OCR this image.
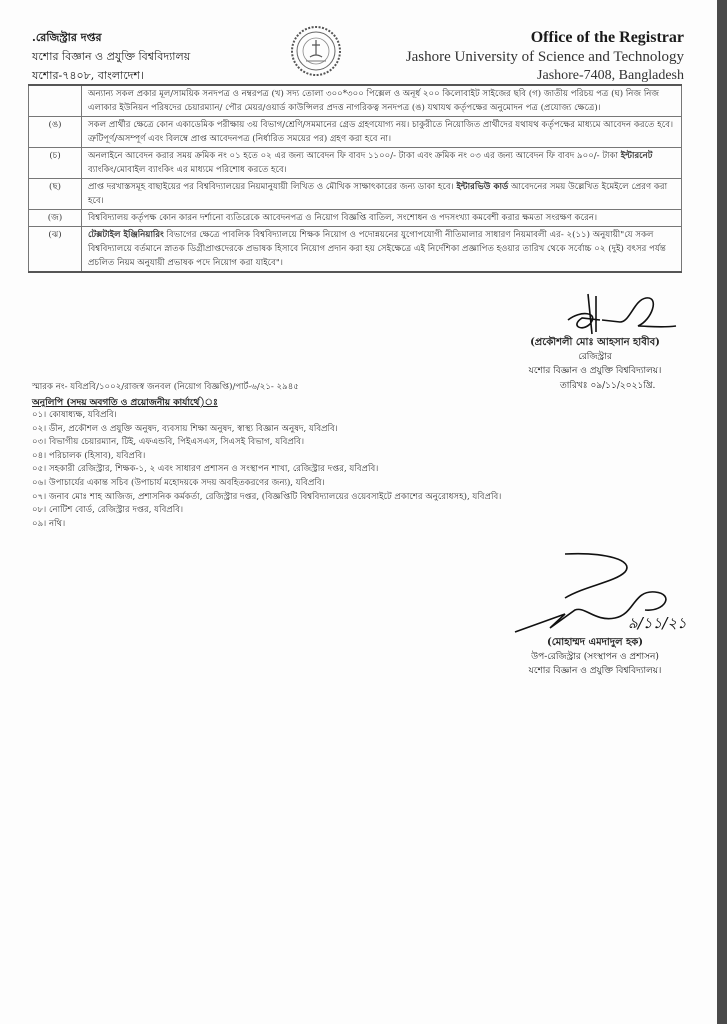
.রেজিস্ট্রার দপ্তর
যশোর বিজ্ঞান ও প্রযুক্তি বিশ্ববিদ্যালয়
যশোর-৭৪০৮, বাংলাদেশ।
Office of the Registrar
Jashore University of Science and Technology
Jashore-7408, Bangladesh
	অন্যান্য সকল প্রকার মূল/সাময়িক সনদপত্র ও নম্বরপত্র (খ) সদ্য তোলা ৩০০*৩০০ পিক্সেল ও অনূর্ধ ২০০ কিলোবাইট সাইজের ছবি (গ) জাতীয় পরিচয় পত্র (ঘ) নিজ নিজ এলাকার ইউনিয়ন পরিষদের চেয়ারম্যান/ পৌর মেয়র/ওয়ার্ড কাউন্সিলর প্রদত্ত নাগরিকত্ব সনদপত্র (ঙ) যথাযথ কর্তৃপক্ষের অনুমোদন পত্র (প্রযোজ্য ক্ষেত্রে)।
(ঙ)	সকল প্রার্থীর ক্ষেত্রে কোন একাডেমিক পরীক্ষায় ৩য় বিভাগ/শ্রেণি/সমমানের গ্রেড গ্রহণযোগ্য নয়। চাকুরীতে নিয়োজিত প্রার্থীদের যথাযথ কর্তৃপক্ষের মাধ্যমে আবেদন করতে হবে। ত্রুটিপূর্ণ/অসম্পূর্ণ এবং বিলম্বে প্রাপ্ত আবেদনপত্র (নির্ধারিত সময়ের পর) গ্রহণ করা হবে না।
(চ)	অনলাইনে আবেদন করার সময় ক্রমিক নং ০১ হতে ০২ এর জন্য আবেদন ফি বাবদ ১১০০/- টাকা এবং ক্রমিক নং ০৩ এর জন্য আবেদন ফি বাবদ ৯০০/- টাকা ইন্টারনেট ব্যাংকিং/মোবাইল ব্যাংকিং এর মাধ্যমে পরিশোধ করতে হবে।
(ছ)	প্রাপ্ত দরখাস্তসমূহ বাছাইয়ের পর বিশ্ববিদ্যালয়ের নিয়মানুযায়ী লিখিত ও মৌখিক সাক্ষাৎকারের জন্য ডাকা হবে। ইন্টারভিউ কার্ড আবেদনের সময় উল্লেখিত ইমেইলে প্রেরণ করা হবে।
(জ)	বিশ্ববিদ্যালয় কর্তৃপক্ষ কোন কারন দর্শানো ব্যতিরেকে আবেদনপত্র ও নিয়োগ বিজ্ঞপ্তি বাতিল, সংশোধন ও পদসংখ্যা কমবেশী করার ক্ষমতা সংরক্ষণ করেন।
(ঝ)	টেক্সটাইল ইঞ্জিনিয়ারিং বিভাগের ক্ষেত্রে পাবলিক বিশ্ববিদ্যালয়ে শিক্ষক নিয়োগ ও পদোন্নয়নের যুগোপযোগী নীতিমালার সাধারণ নিয়মাবলী এর- ২(১১) অনুযায়ী"যে সকল বিশ্ববিদ্যালয়ে বর্তমানে স্নাতক ডিগ্রীপ্রাপ্তদেরকে প্রভাষক হিসাবে নিয়োগ প্রদান করা হয় সেইক্ষেত্রে এই নির্দেশিকা প্রজ্ঞাপিত হওয়ার তারিখ থেকে সর্বোচ্চ ০২ (দুই) বৎসর পর্যন্ত প্রচলিত নিয়ম অনুযায়ী প্রভাষক পদে নিয়োগ করা যাইবে"।
(প্রকৌশলী মোঃ আহসান হাবীব)
রেজিস্ট্রার
যশোর বিজ্ঞান ও প্রযুক্তি বিশ্ববিদ্যালয়।
তারিখঃ ০৯/১১/২০২১খ্রি.
স্মারক নং- যবিপ্রবি/১০০২/রাজস্ব জনবল (নিয়োগ বিজ্ঞপ্তি)/পার্ট-৬/২১- ২৯৪৫
অনুলিপি (সদয় অবগতি ও প্রয়োজনীয় কার্যার্থে)ঃ
০১। কোষাধ্যক্ষ, যবিপ্রবি।
০২। ডীন, প্রকৌশল ও প্রযুক্তি অনুষদ, ব্যবসায় শিক্ষা অনুষদ, স্বাস্থ্য বিজ্ঞান অনুষদ, যবিপ্রবি।
০৩। বিভাগীয় চেয়ারম্যান, টিই, এফএন্ডবি, পিইএসএস, সিএসই বিভাগ, যবিপ্রবি।
০৪। পরিচালক (হিসাব), যবিপ্রবি।
০৫। সহকারী রেজিস্ট্রার, শিক্ষক-১, ২ এবং সাধারণ প্রশাসন ও সংস্থাপন শাখা, রেজিস্ট্রার দপ্তর, যবিপ্রবি।
০৬। উপাচার্যের একান্ত সচিব (উপাচার্য মহোদয়কে সদয় অবহিতকরণের জন্য), যবিপ্রবি।
০৭। জনাব মোঃ শাহ আজিজ, প্রশাসনিক কর্মকর্তা, রেজিস্ট্রার দপ্তর, (বিজ্ঞপ্তিটি বিশ্ববিদ্যালয়ের ওয়েবসাইটে প্রকাশের অনুরোধসহ), যবিপ্রবি।
০৮। নোটিশ বোর্ড, রেজিস্ট্রার দপ্তর, যবিপ্রবি।
০৯। নথি।
৯/১১/২১
(মোহাম্মদ এমদাদুল হক)
উপ-রেজিস্ট্রার (সংস্থাপন ও প্রশাসন)
যশোর বিজ্ঞান ও প্রযুক্তি বিশ্ববিদ্যালয়।
